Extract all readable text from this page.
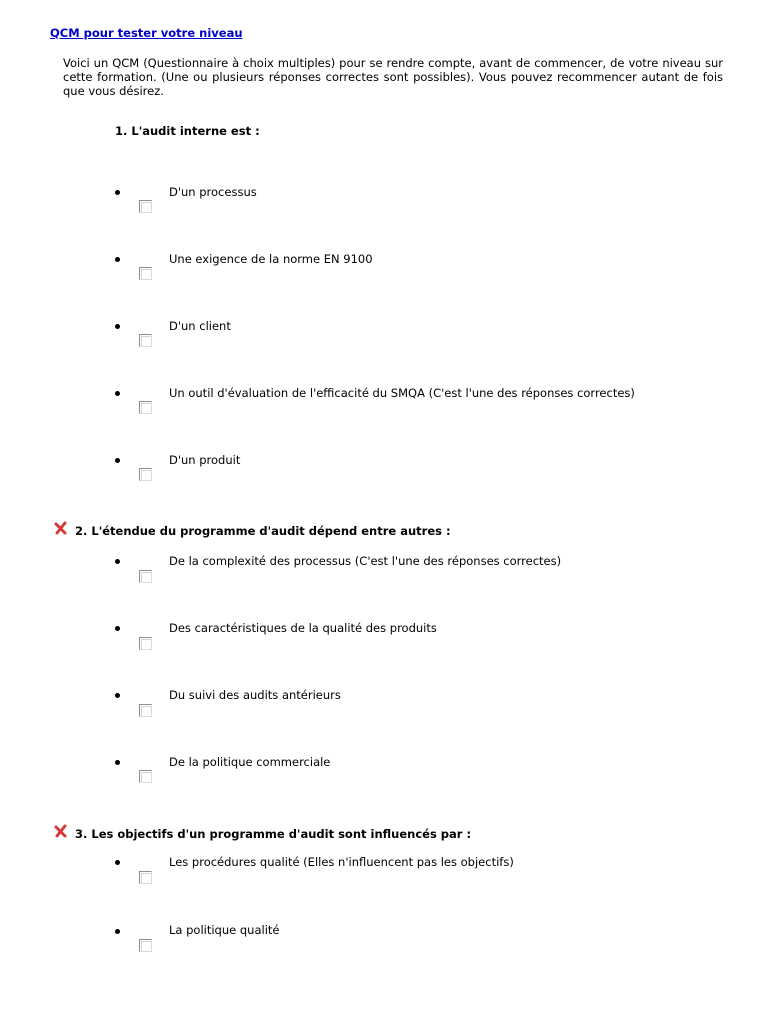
QCM pour tester votre niveau
Voici un QCM (Questionnaire à choix multiples) pour se rendre compte, avant de commencer, de votre niveau sur cette formation. (Une ou plusieurs réponses correctes sont possibles). Vous pouvez recommencer autant de fois que vous désirez.
1. L'audit interne est :
D'un processus
Une exigence de la norme EN 9100
D'un client
Un outil d'évaluation de l'efficacité du SMQA (C'est l'une des réponses correctes)
D'un produit
2. L'étendue du programme d'audit dépend entre autres :
De la complexité des processus (C'est l'une des réponses correctes)
Des caractéristiques de la qualité des produits
Du suivi des audits antérieurs
De la politique commerciale
3. Les objectifs d'un programme d'audit sont influencés par :
Les procédures qualité (Elles n'influencent pas les objectifs)
La politique qualité
